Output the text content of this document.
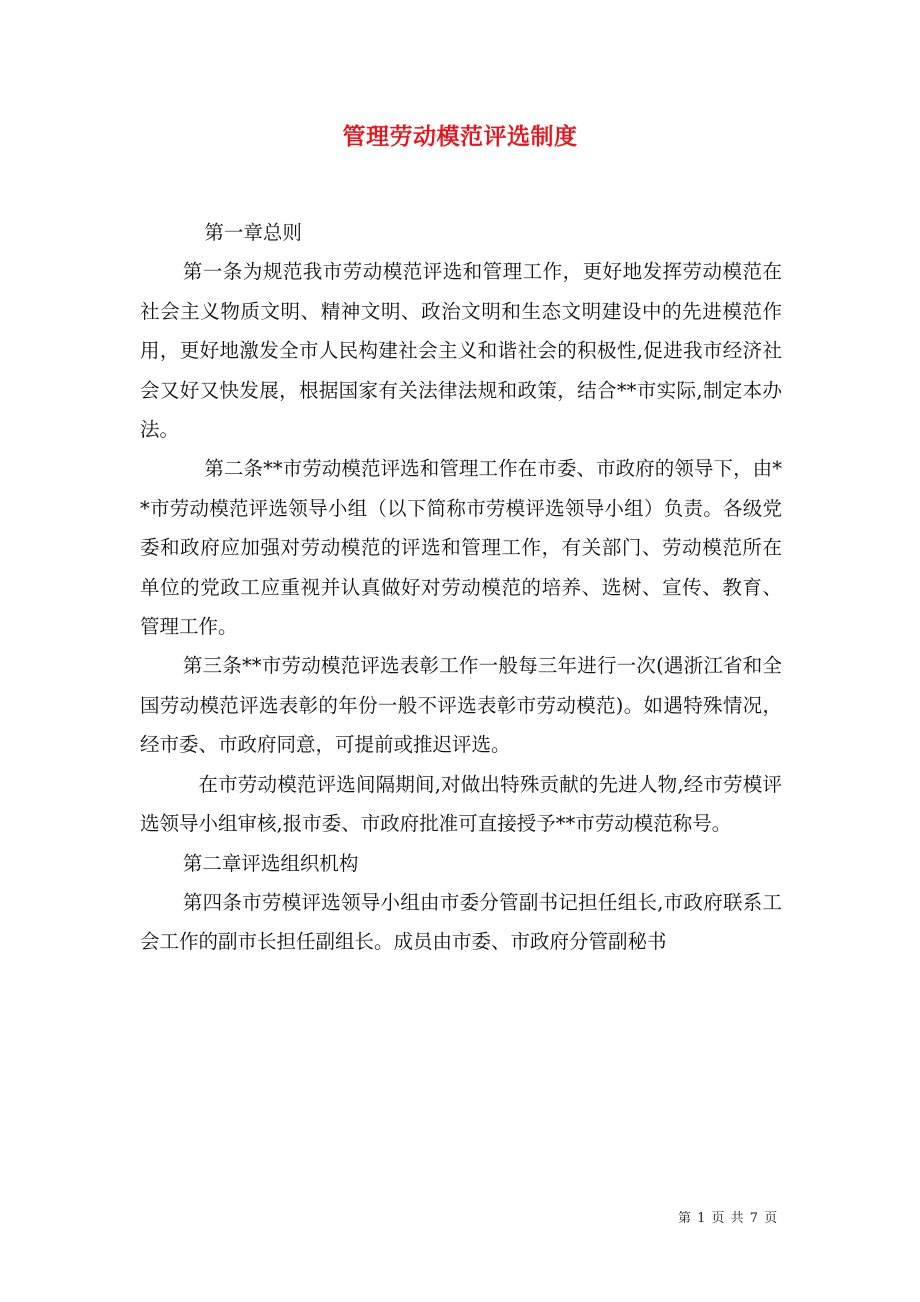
管理劳动模范评选制度

第一章总则

第一条为规范我市劳动模范评选和管理工作，更好地发挥劳动模范在社会主义物质文明、精神文明、政治文明和生态文明建设中的先进模范作用，更好地激发全市人民构建社会主义和谐社会的积极性,促进我市经济社会又好又快发展，根据国家有关法律法规和政策，结合**市实际,制定本办法。

第二条**市劳动模范评选和管理工作在市委、市政府的领导下，由**市劳动模范评选领导小组（以下简称市劳模评选领导小组）负责。各级党委和政府应加强对劳动模范的评选和管理工作，有关部门、劳动模范所在单位的党政工应重视并认真做好对劳动模范的培养、选树、宣传、教育、管理工作。

第三条**市劳动模范评选表彰工作一般每三年进行一次(遇浙江省和全国劳动模范评选表彰的年份一般不评选表彰市劳动模范)。如遇特殊情况，经市委、市政府同意，可提前或推迟评选。

在市劳动模范评选间隔期间,对做出特殊贡献的先进人物,经市劳模评选领导小组审核,报市委、市政府批准可直接授予**市劳动模范称号。

第二章评选组织机构

第四条市劳模评选领导小组由市委分管副书记担任组长,市政府联系工会工作的副市长担任副组长。成员由市委、市政府分管副秘书

第 1 页 共 7 页
